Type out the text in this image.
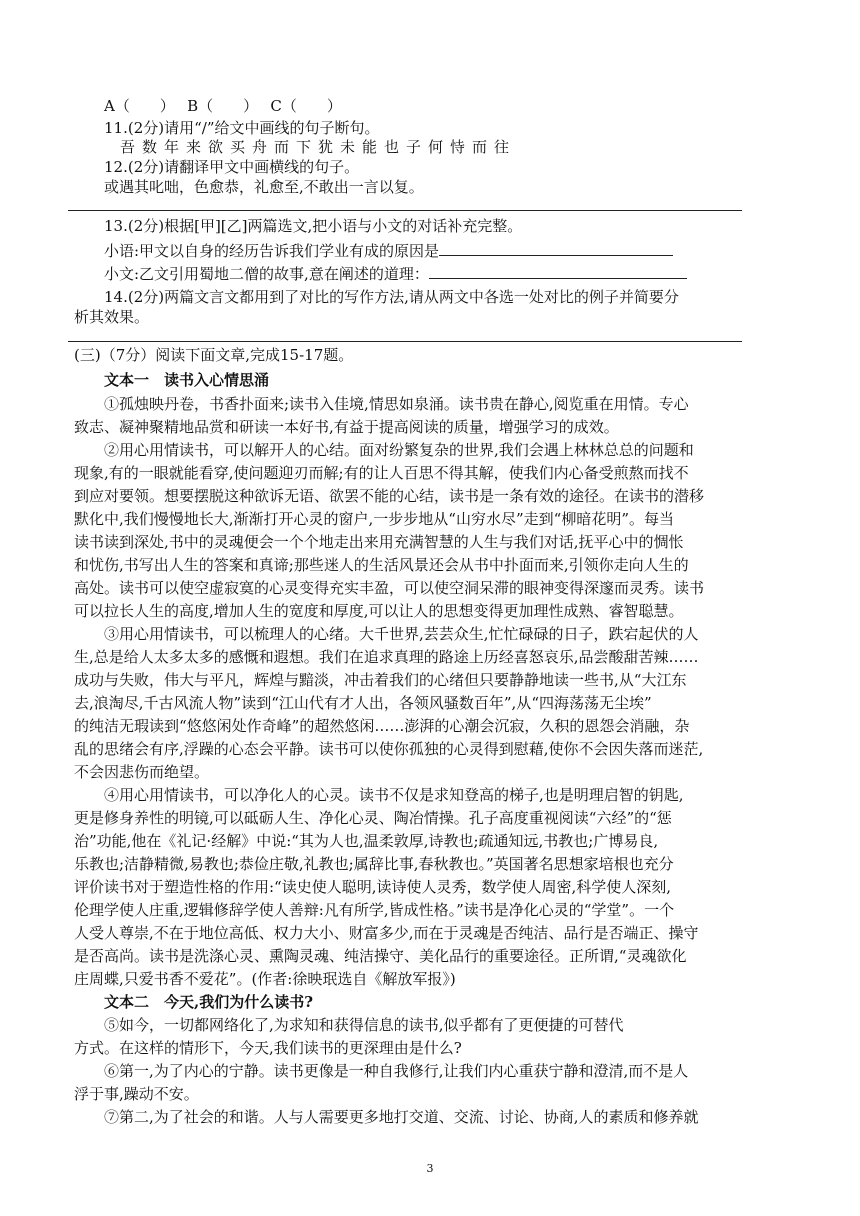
A（　　）　 B（　　）　 C（　　）
11.(2分)请用“/”给文中画线的句子断句。
吾数年来欲买舟而下犹未能也子何恃而往
12.(2分)请翻译甲文中画横线的句子。
或遇其叱咄，色愈恭，礼愈至,不敢出一言以复。
13.(2分)根据[甲][乙]两篇选文,把小语与小文的对话补充完整。
小语:甲文以自身的经历告诉我们学业有成的原因是
小文:乙文引用蜀地二僧的故事,意在阐述的道理：
14.(2分)两篇文言文都用到了对比的写作方法,请从两文中各选一处对比的例子并简要分
析其效果。
(三)（7分）阅读下面文章,完成15-17题。
文本一　读书入心情思涌
①孤烛映丹卷，书香扑面来;读书入佳境,情思如泉涌。读书贵在静心,阅览重在用情。专心
致志、凝神聚精地品赏和研读一本好书,有益于提高阅读的质量，增强学习的成效。
②用心用情读书，可以解开人的心结。面对纷繁复杂的世界,我们会遇上林林总总的问题和
现象,有的一眼就能看穿,使问题迎刃而解;有的让人百思不得其解，使我们内心备受煎熬而找不
到应对要领。想要摆脱这种欲诉无语、欲罢不能的心结，读书是一条有效的途径。在读书的潜移
默化中,我们慢慢地长大,渐渐打开心灵的窗户,一步步地从“山穷水尽”走到“柳暗花明”。每当
读书读到深处,书中的灵魂便会一个个地走出来用充满智慧的人生与我们对话,抚平心中的惆怅
和忧伤,书写出人生的答案和真谛;那些迷人的生活风景还会从书中扑面而来,引领你走向人生的
高处。读书可以使空虚寂寞的心灵变得充实丰盈，可以使空洞呆滞的眼神变得深邃而灵秀。读书
可以拉长人生的高度,增加人生的宽度和厚度,可以让人的思想变得更加理性成熟、睿智聪慧。
③用心用情读书，可以梳理人的心绪。大千世界,芸芸众生,忙忙碌碌的日子，跌宕起伏的人
生,总是给人太多太多的感慨和遐想。我们在追求真理的路途上历经喜怒哀乐,品尝酸甜苦辣……
成功与失败，伟大与平凡，辉煌与黯淡，冲击着我们的心绪但只要静静地读一些书,从“大江东
去,浪淘尽,千古风流人物”读到“江山代有才人出，各领风骚数百年”,从“四海荡荡无尘埃”
的纯洁无瑕读到“悠悠闲处作奇峰”的超然悠闲……澎湃的心潮会沉寂，久积的恩怨会消融，杂
乱的思绪会有序,浮躁的心态会平静。读书可以使你孤独的心灵得到慰藉,使你不会因失落而迷茫,
不会因悲伤而绝望。
④用心用情读书，可以净化人的心灵。读书不仅是求知登高的梯子,也是明理启智的钥匙,
更是修身养性的明镜,可以砥砺人生、净化心灵、陶冶情操。孔子高度重视阅读“六经”的“惩
治”功能,他在《礼记·经解》中说:“其为人也,温柔敦厚,诗教也;疏通知远,书教也;广博易良,
乐教也;洁静精微,易教也;恭俭庄敬,礼教也;属辞比事,春秋教也。”英国著名思想家培根也充分
评价读书对于塑造性格的作用:“读史使人聪明,读诗使人灵秀，数学使人周密,科学使人深刻,
伦理学使人庄重,逻辑修辞学使人善辩:凡有所学,皆成性格。”读书是净化心灵的“学堂”。一个
人受人尊崇,不在于地位高低、权力大小、财富多少,而在于灵魂是否纯洁、品行是否端正、操守
是否高尚。读书是洗涤心灵、熏陶灵魂、纯洁操守、美化品行的重要途径。正所谓,“灵魂欲化
庄周蝶,只爱书香不爱花”。(作者:徐映珉选自《解放军报》)
文本二　今天,我们为什么读书?
⑤如今，一切都网络化了,为求知和获得信息的读书,似乎都有了更便捷的可替代
方式。在这样的情形下，今天,我们读书的更深理由是什么?
⑥第一,为了内心的宁静。读书更像是一种自我修行,让我们内心重获宁静和澄清,而不是人
浮于事,躁动不安。
⑦第二,为了社会的和谐。人与人需要更多地打交道、交流、讨论、协商,人的素质和修养就
3
